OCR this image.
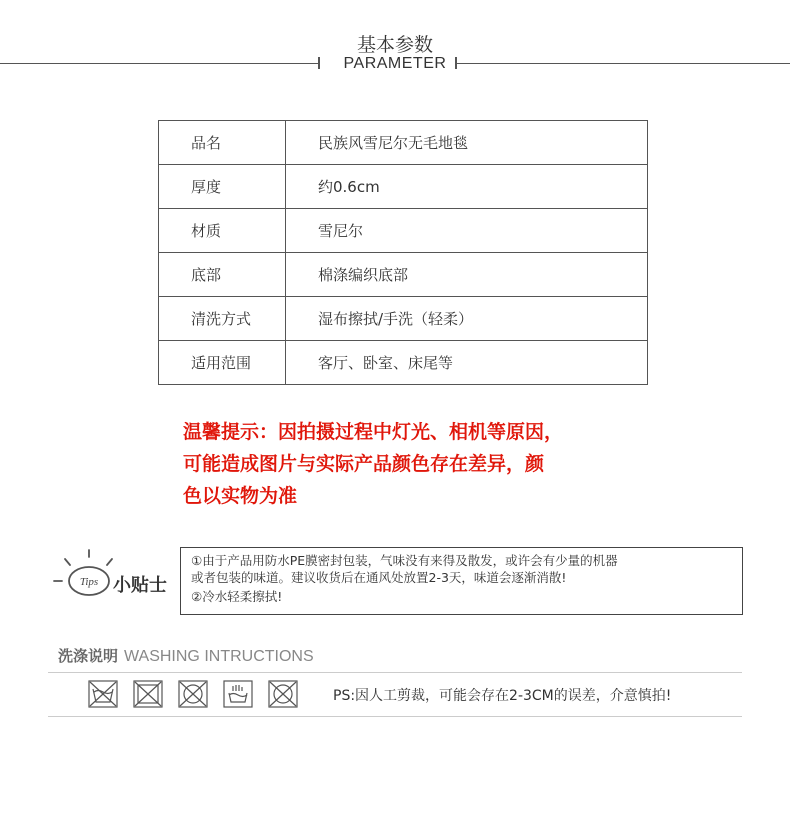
基本参数
PARAMETER
品名	民族风雪尼尔无毛地毯
厚度	约0.6cm
材质	雪尼尔
底部	棉涤编织底部
清洗方式	湿布擦拭/手洗（轻柔）
适用范围	客厅、卧室、床尾等
温馨提示：因拍摄过程中灯光、相机等原因，
可能造成图片与实际产品颜色存在差异，颜
色以实物为准
Tips 小贴士

①由于产品用防水PE膜密封包装，气味没有来得及散发，或许会有少量的机器

或者包装的味道。建议收货后在通风处放置2-3天，味道会逐渐消散!

②冷水轻柔擦拭!

洗涤说明 WASHING INTRUCTIONS
PS:因人工剪裁，可能会存在2-3CM的误差，介意慎拍!
